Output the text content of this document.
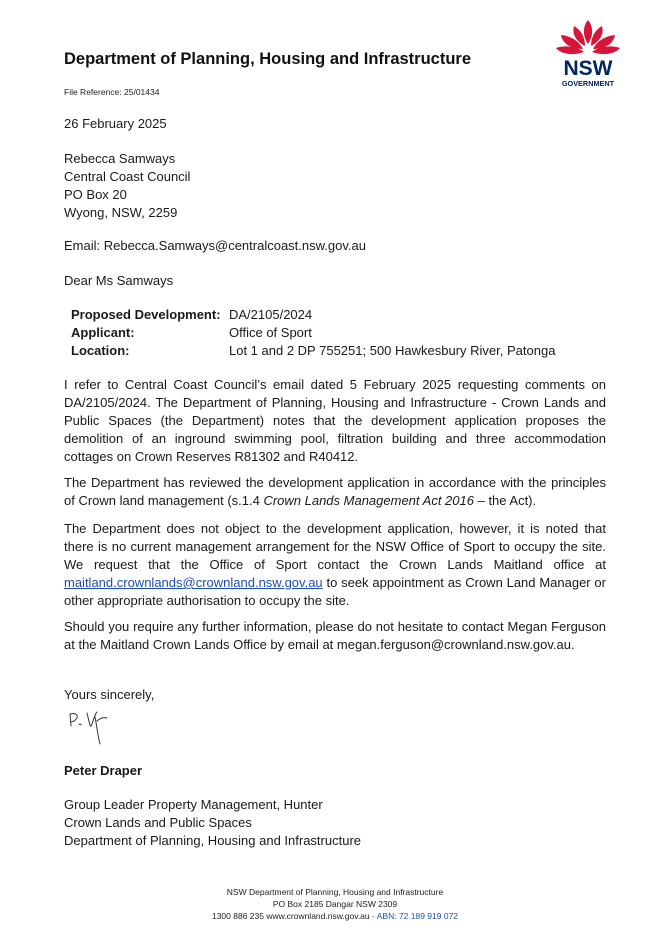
Department of Planning, Housing and Infrastructure	NSW
GOVERNMENT
File Reference: 25/01434
26 February 2025
Rebecca Samways
Central Coast Council
PO Box 20
Wyong, NSW, 2259
Email: Rebecca.Samways@centralcoast.nsw.gov.au
Dear Ms Samways
Proposed Development: DA/2105/2024
Applicant:	Office of Sport
Location:	Lot 1 and 2 DP 755251; 500 Hawkesbury River, Patonga
I refer to Central Coast Council’s email dated 5 February 2025 requesting comments on DA/2105/2024. The Department of Planning, Housing and Infrastructure - Crown Lands and Public Spaces (the Department) notes that the development application proposes the demolition of an inground swimming pool, filtration building and three accommodation cottages on Crown Reserves R81302 and R40412.
The Department has reviewed the development application in accordance with the principles of Crown land management (s.1.4 Crown Lands Management Act 2016 – the Act).
The Department does not object to the development application, however, it is noted that there is no current management arrangement for the NSW Office of Sport to occupy the site. We request that the Office of Sport contact the Crown Lands Maitland office at maitland.crownlands@crownland.nsw.gov.au to seek appointment as Crown Land Manager or other appropriate authorisation to occupy the site.
Should you require any further information, please do not hesitate to contact Megan Ferguson at the Maitland Crown Lands Office by email at megan.ferguson@crownland.nsw.gov.au.
Yours sincerely,
Peter Draper
Group Leader Property Management, Hunter
Crown Lands and Public Spaces
Department of Planning, Housing and Infrastructure
NSW Department of Planning, Housing and Infrastructure
PO Box 2185 Dangar NSW 2309
1300 886 235 www.crownland.nsw.gov.au - ABN: 72 189 919 072
